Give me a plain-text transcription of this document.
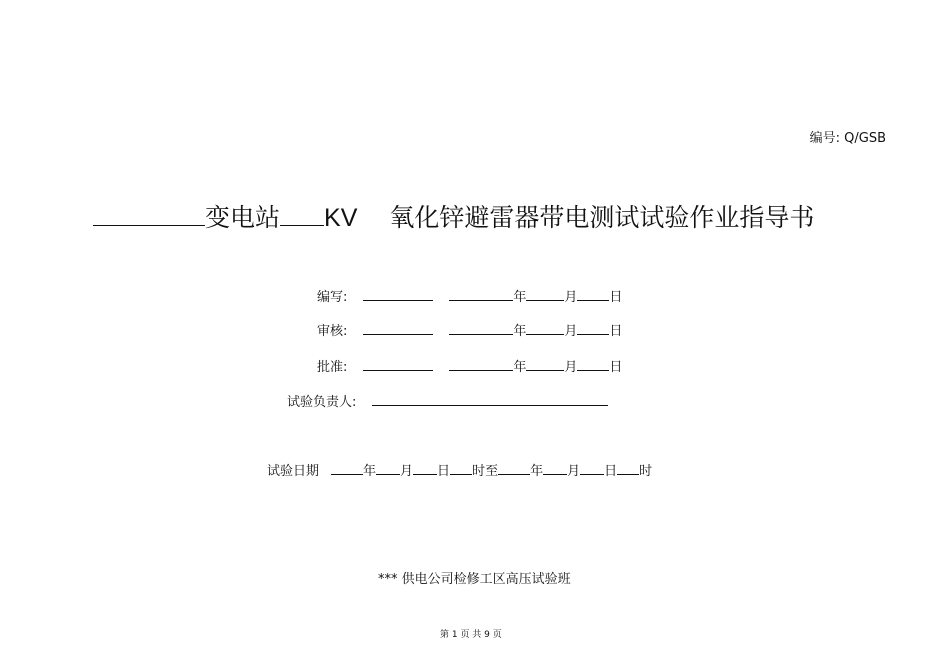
编号: Q/GSB
变电站 KV 氧化锌避雷器带电测试试验作业指导书
编写:	年	月 日
审核:	年	月 日
批准:	年	月 日
试验负责人:
试验日期	年 月 日 时至 年 月 日 时
*** 供电公司检修工区高压试验班
第 1 页 共 9 页
